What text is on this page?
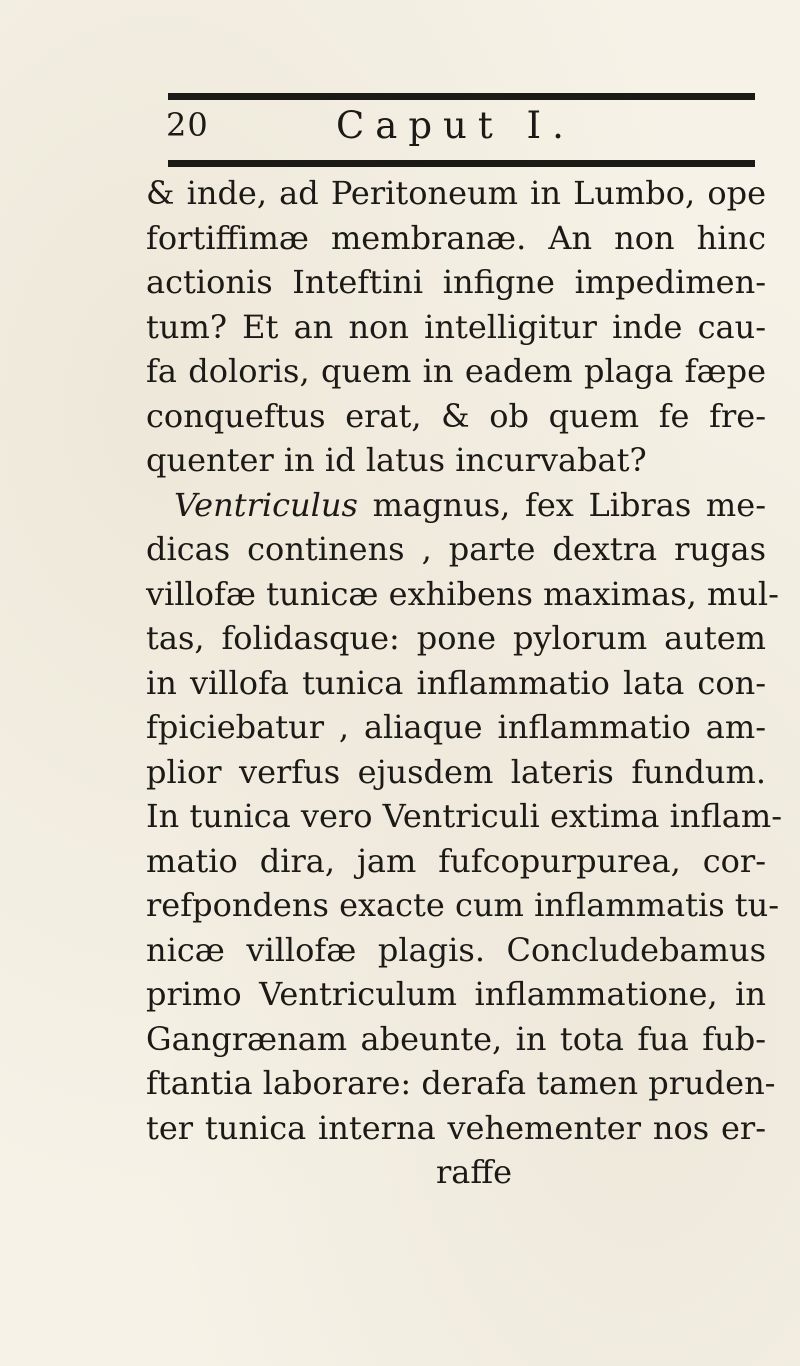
20	Caput I.
& inde, ad Peritoneum in Lumbo, ope
fortiffimæ membranæ. An non hinc
actionis Inteftini infigne impedimen-
tum? Et an non intelligitur inde cau-
fa doloris, quem in eadem plaga fæpe
conqueftus erat, & ob quem fe fre-
quenter in id latus incurvabat?
Ventriculus magnus, fex Libras me-
dicas continens , parte dextra rugas
villofæ tunicæ exhibens maximas, mul-
tas, folidasque: pone pylorum autem
in villofa tunica inflammatio lata con-
fpiciebatur , aliaque inflammatio am-
plior verfus ejusdem lateris fundum.
In tunica vero Ventriculi extima inflam-
matio dira, jam fufcopurpurea, cor-
refpondens exacte cum inflammatis tu-
nicæ villofæ plagis. Concludebamus
primo Ventriculum inflammatione, in
Gangrænam abeunte, in tota fua fub-
ftantia laborare: derafa tamen pruden-
ter tunica interna vehementer nos er-
raffe
